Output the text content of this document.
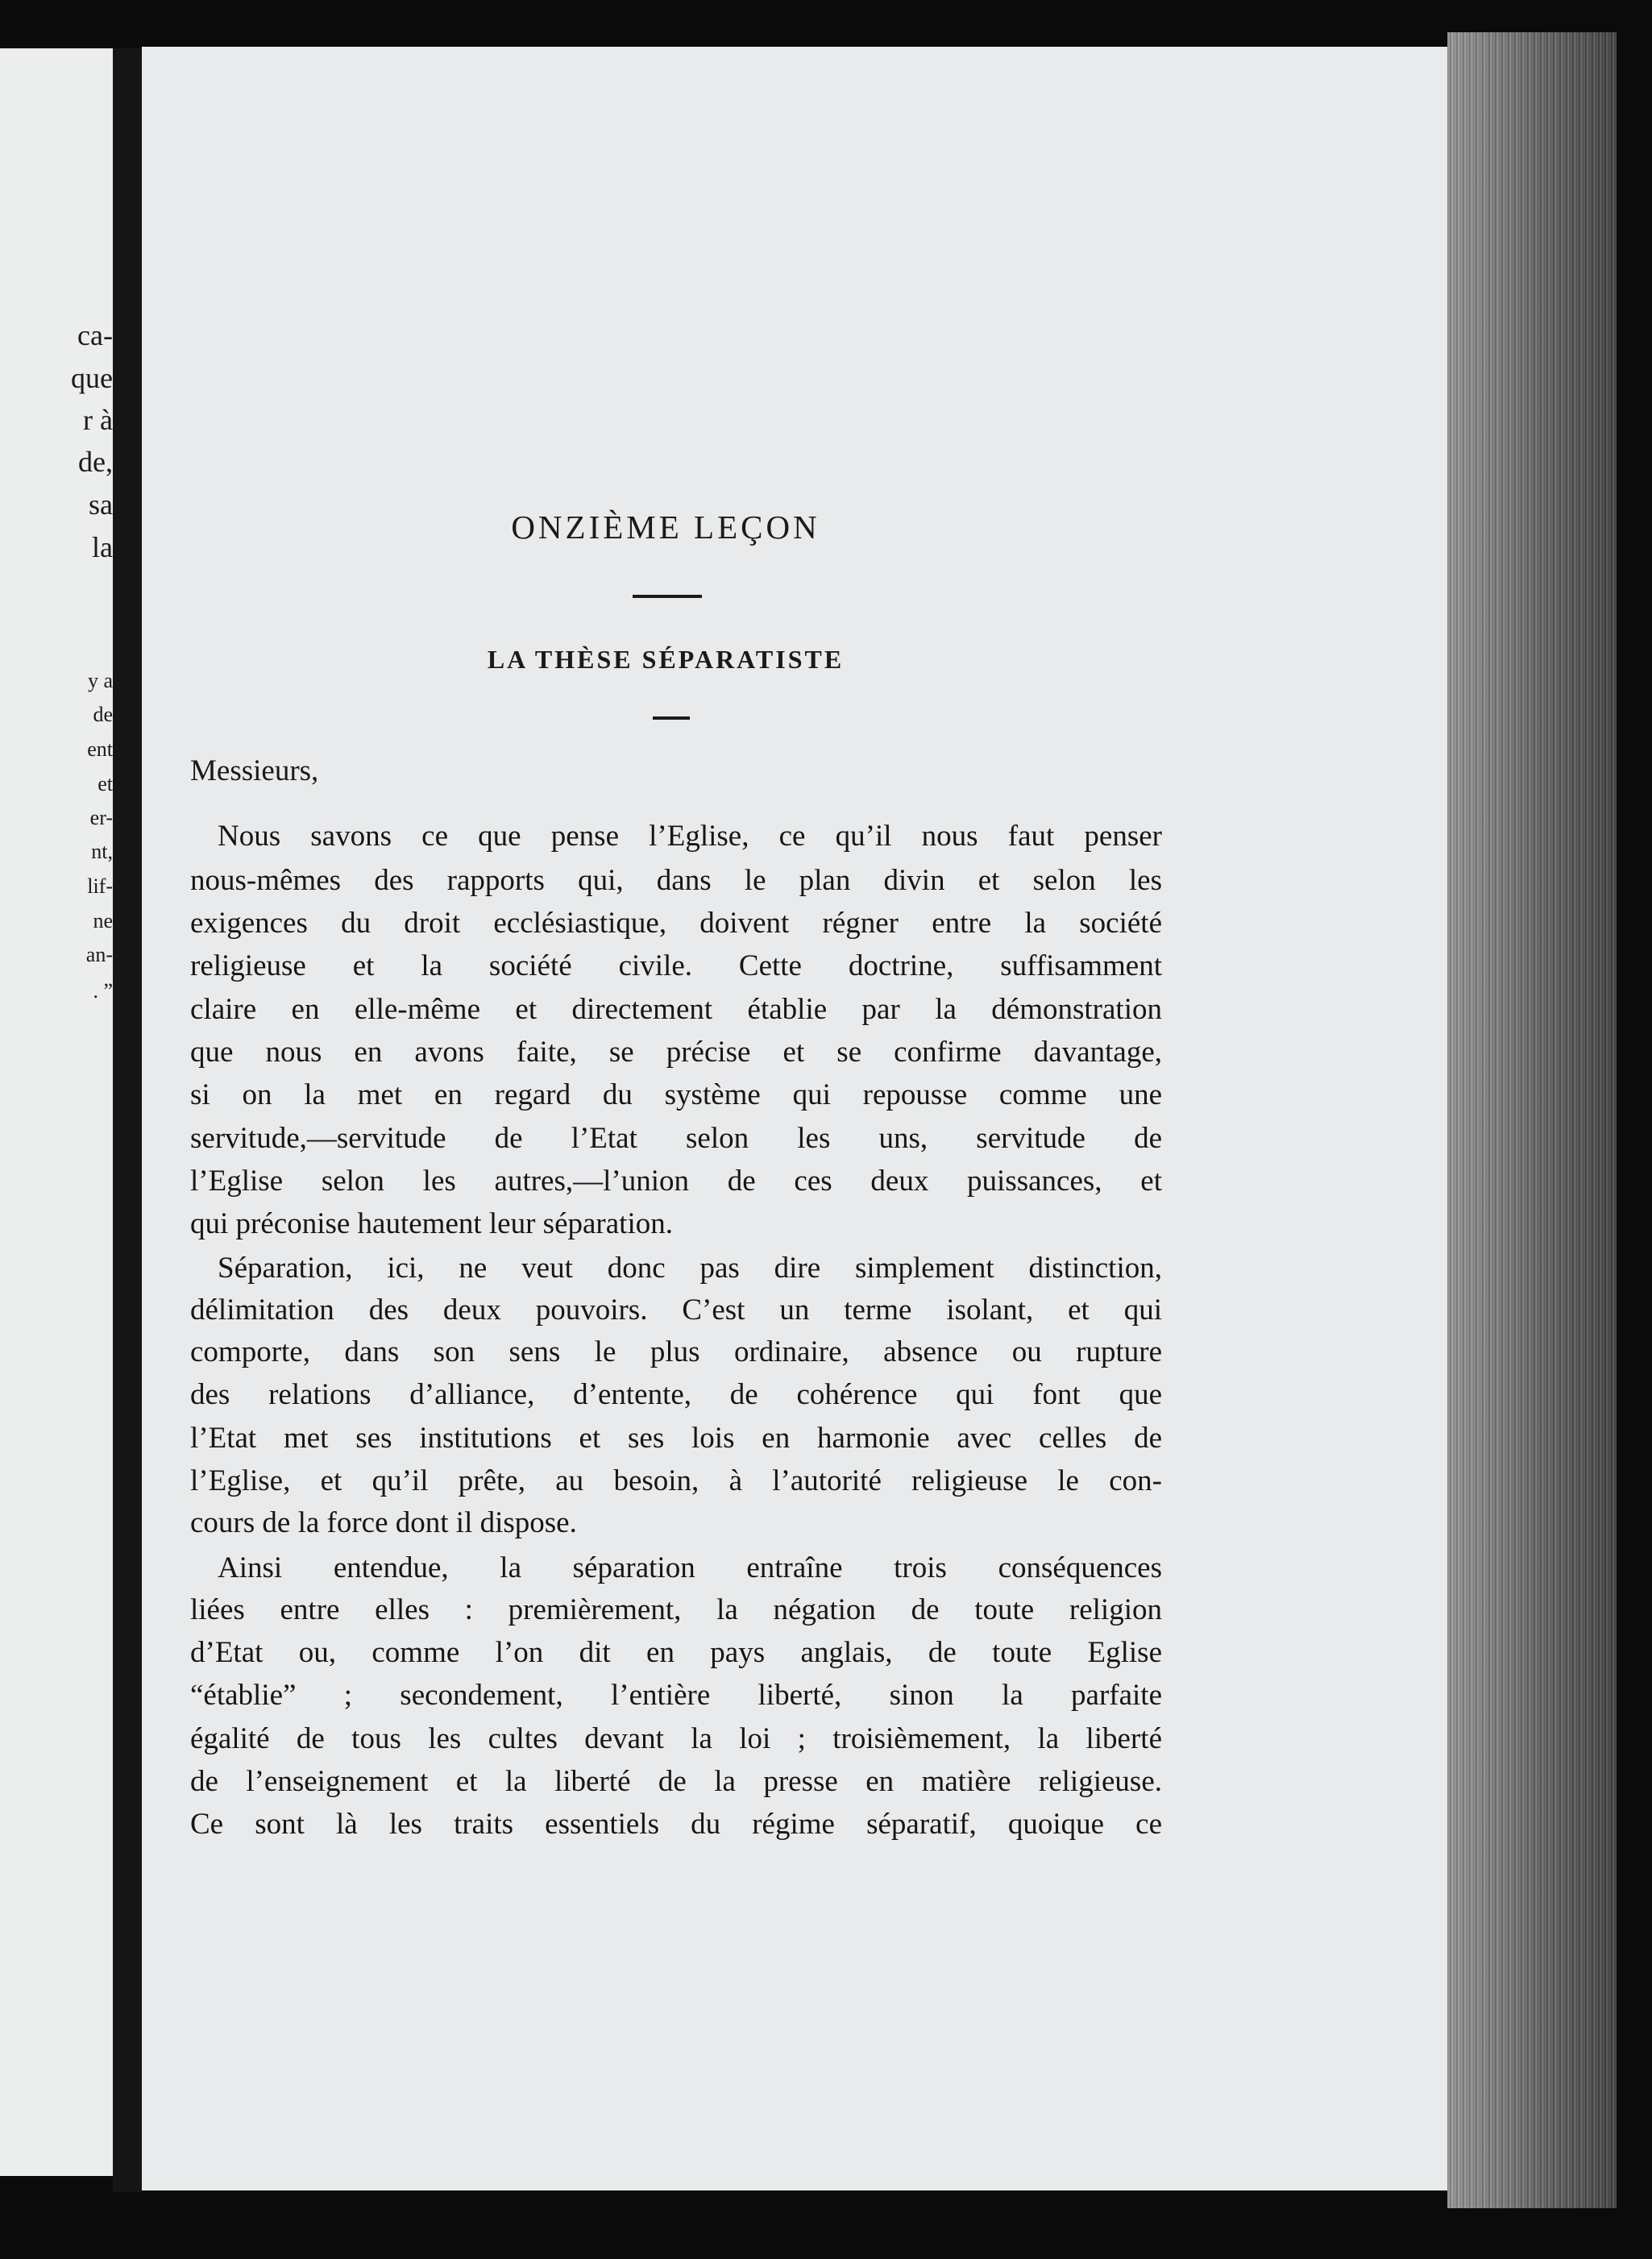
ca-
que
r à
de,
sa
la
y a
de
ent
et
er-
nt,
lif-
ne
an-
. ”
ONZIÈME LEÇON
LA THÈSE SÉPARATISTE
Messieurs,
Nous savons ce que pense l’Eglise, ce qu’il nous faut penser
nous-mêmes des rapports qui, dans le plan divin et selon les
exigences du droit ecclésiastique, doivent régner entre la société
religieuse et la société civile. Cette doctrine, suffisamment
claire en elle-même et directement établie par la démonstration
que nous en avons faite, se précise et se confirme davantage,
si on la met en regard du système qui repousse comme une
servitude,—servitude de l’Etat selon les uns, servitude de
l’Eglise selon les autres,—l’union de ces deux puissances, et
qui préconise hautement leur séparation.
Séparation, ici, ne veut donc pas dire simplement distinction,
délimitation des deux pouvoirs. C’est un terme isolant, et qui
comporte, dans son sens le plus ordinaire, absence ou rupture
des relations d’alliance, d’entente, de cohérence qui font que
l’Etat met ses institutions et ses lois en harmonie avec celles de
l’Eglise, et qu’il prête, au besoin, à l’autorité religieuse le con-
cours de la force dont il dispose.
Ainsi entendue, la séparation entraîne trois conséquences
liées entre elles : premièrement, la négation de toute religion
d’Etat ou, comme l’on dit en pays anglais, de toute Eglise
“établie” ; secondement, l’entière liberté, sinon la parfaite
égalité de tous les cultes devant la loi ; troisièmement, la liberté
de l’enseignement et la liberté de la presse en matière religieuse.
Ce sont là les traits essentiels du régime séparatif, quoique ce
